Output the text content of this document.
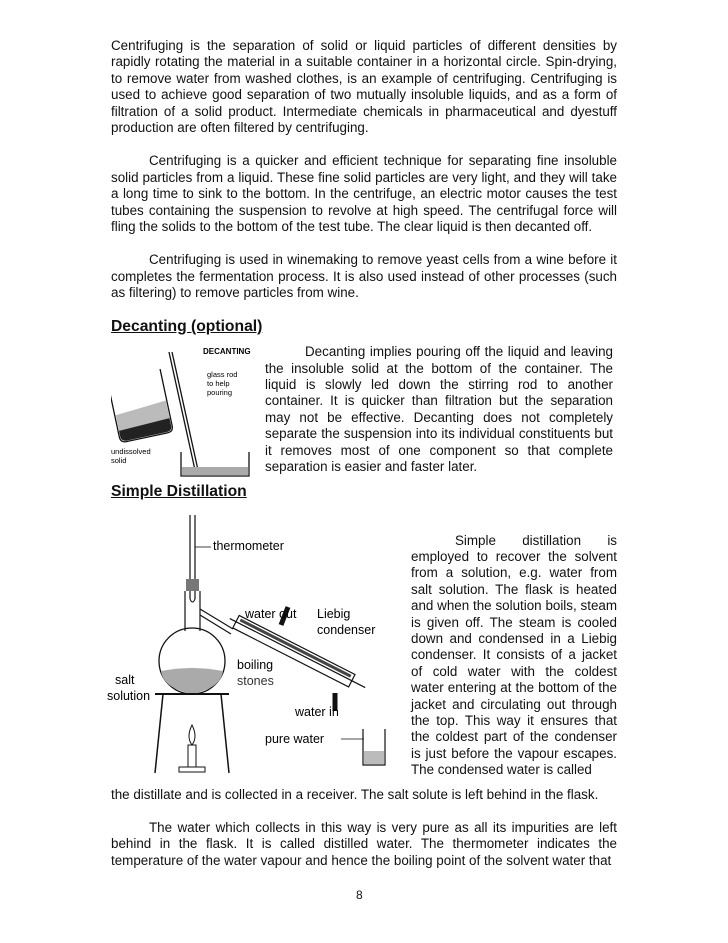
Centrifuging is the separation of solid or liquid particles of different densities by rapidly rotating the material in a suitable container in a horizontal circle. Spin-drying, to remove water from washed clothes, is an example of centrifuging. Centrifuging is used to achieve good separation of two mutually insoluble liquids, and as a form of filtration of a solid product. Intermediate chemicals in pharmaceutical and dyestuff production are often filtered by centrifuging.

Centrifuging is a quicker and efficient technique for separating fine insoluble solid particles from a liquid. These fine solid particles are very light, and they will take a long time to sink to the bottom. In the centrifuge, an electric motor causes the test tubes containing the suspension to revolve at high speed. The centrifugal force will fling the solids to the bottom of the test tube. The clear liquid is then decanted off.

Centrifuging is used in winemaking to remove yeast cells from a wine before it completes the fermentation process. It is also used instead of other processes (such as filtering) to remove particles from wine.

Decanting (optional)
DECANTING
glass rod
to help
pouring
undissolved
solid

Decanting implies pouring off the liquid and leaving the insoluble solid at the bottom of the container. The liquid is slowly led down the stirring rod to another container. It is quicker than filtration but the separation may not be effective. Decanting does not completely separate the suspension into its individual constituents but it removes most of one component so that complete separation is easier and faster later.

Simple Distillation
thermometer
water out Liebig
condenser
boiling
stones
salt
solution
water in
pure water

Simple distillation is employed to recover the solvent from a solution, e.g. water from salt solution. The flask is heated and when the solution boils, steam is given off. The steam is cooled down and condensed in a Liebig condenser. It consists of a jacket of cold water with the coldest water entering at the bottom of the jacket and circulating out through the top. This way it ensures that the coldest part of the condenser is just before the vapour escapes. The condensed water is called

the distillate and is collected in a receiver. The salt solute is left behind in the flask.

The water which collects in this way is very pure as all its impurities are left behind in the flask. It is called distilled water. The thermometer indicates the temperature of the water vapour and hence the boiling point of the solvent water that

8
